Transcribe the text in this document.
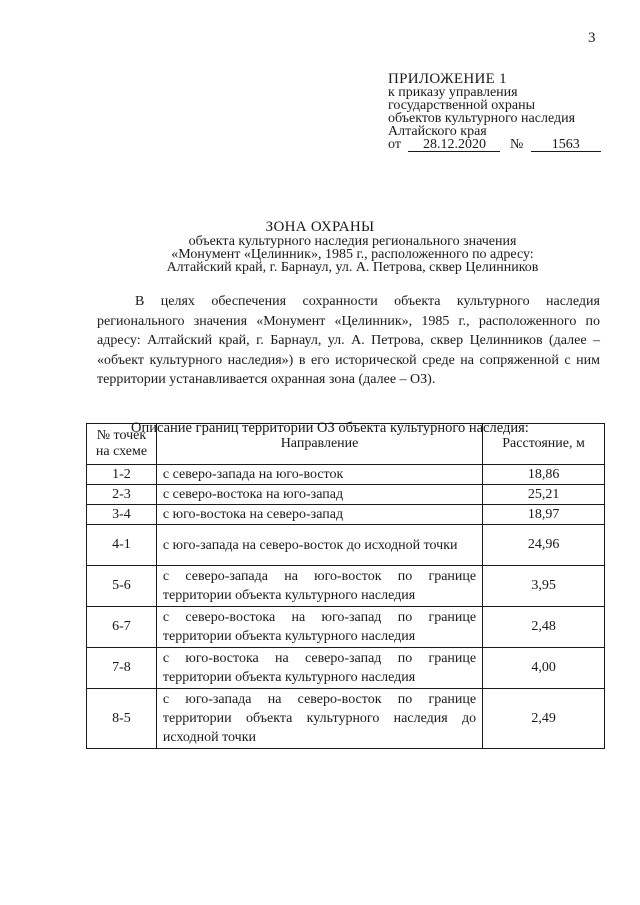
3
ПРИЛОЖЕНИЕ 1
к приказу управления
государственной охраны
объектов культурного наследия
Алтайского края
от 28.12.2020 № 1563
ЗОНА ОХРАНЫ
объекта культурного наследия регионального значения
«Монумент «Целинник», 1985 г., расположенного по адресу:
Алтайский край, г. Барнаул, ул. А. Петрова, сквер Целинников
В целях обеспечения сохранности объекта культурного наследия регионального значения «Монумент «Целинник», 1985 г., расположенного по адресу: Алтайский край, г. Барнаул, ул. А. Петрова, сквер Целинников (далее – «объект культурного наследия») в его исторической среде на сопряженной с ним территории устанавливается охранная зона (далее – ОЗ).
Описание границ территории ОЗ объекта культурного наследия:
№ точек на схеме	Направление	Расстояние, м
1-2	с северо-запада на юго-восток	18,86
2-3	с северо-востока на юго-запад	25,21
3-4	с юго-востока на северо-запад	18,97
4-1	с юго-запада на северо-восток до исходной точки	24,96
5-6	с северо-запада на юго-восток по границе территории объекта культурного наследия	3,95
6-7	с северо-востока на юго-запад по границе территории объекта культурного наследия	2,48
7-8	с юго-востока на северо-запад по границе территории объекта культурного наследия	4,00
8-5	с юго-запада на северо-восток по границе территории объекта культурного наследия до исходной точки	2,49
